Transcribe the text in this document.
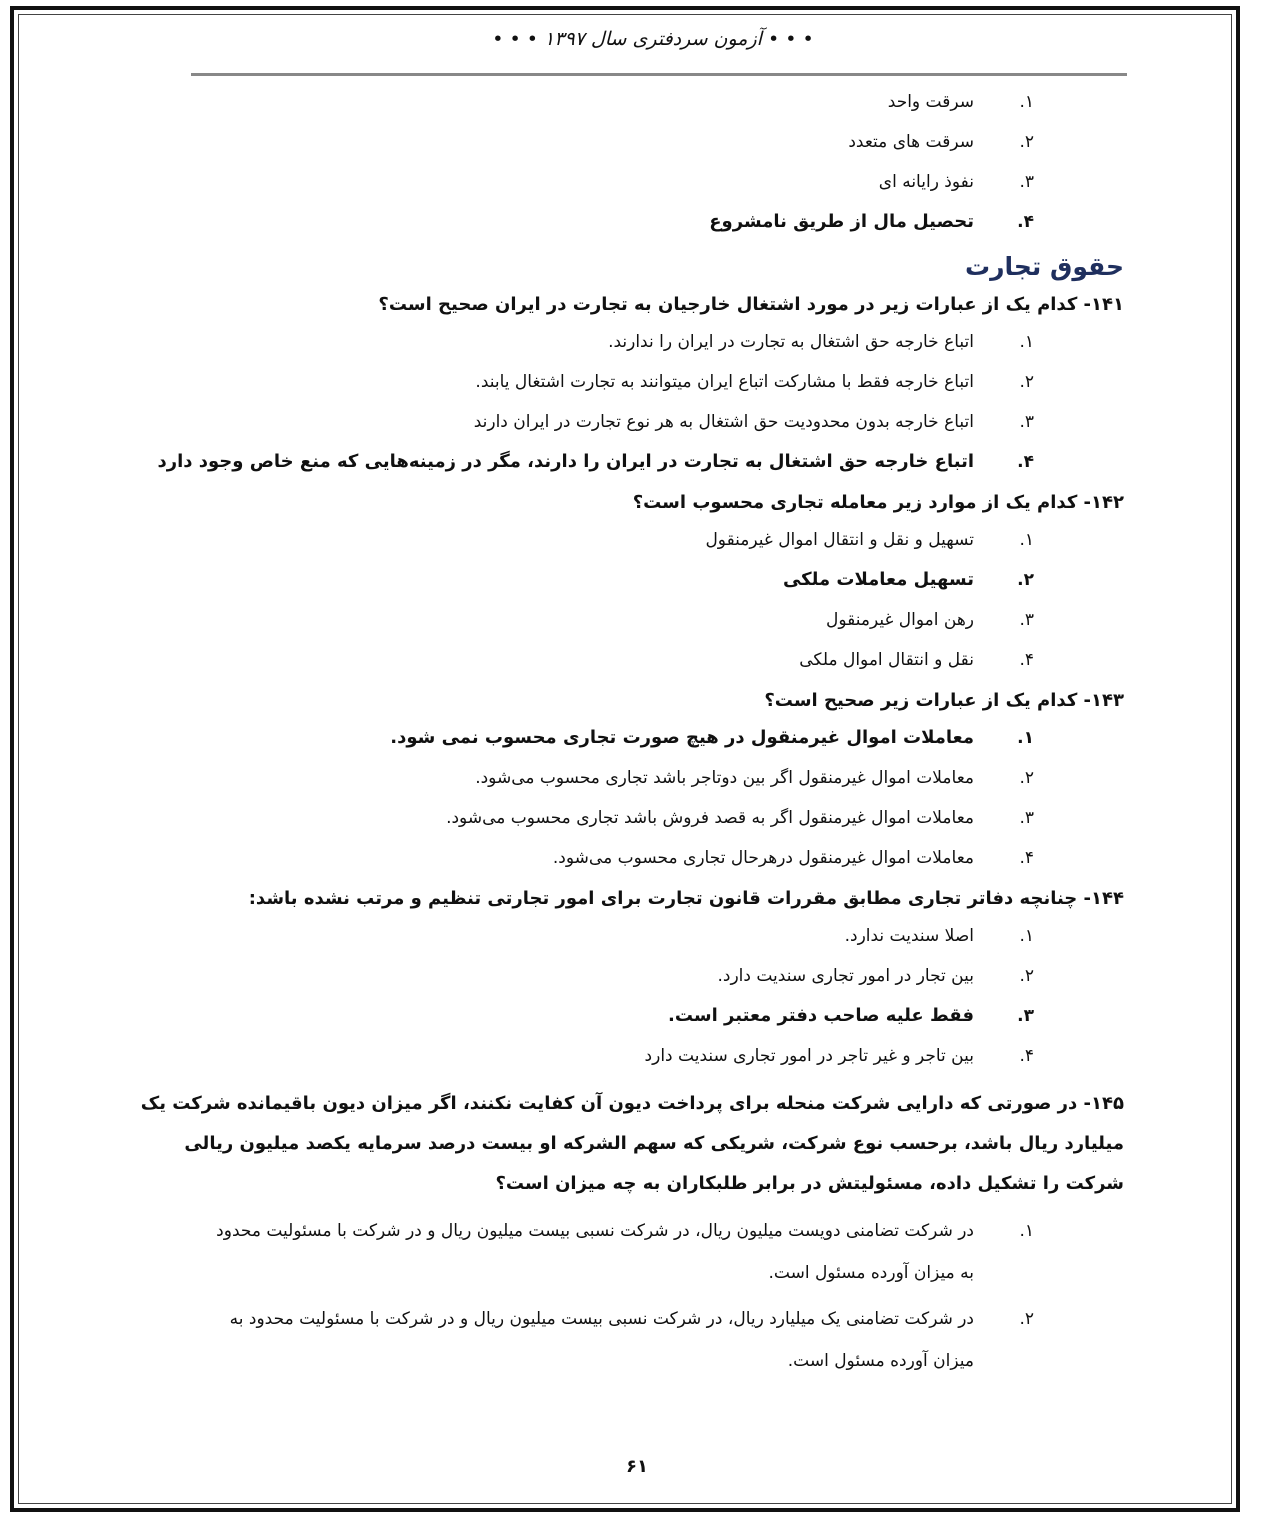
• • • آزمون سردفتری سال ۱۳۹۷ • • •
۱.
سرقت واحد
۲.
سرقت های متعدد
۳.
نفوذ رایانه ای
۴.
تحصیل مال از طریق نامشروع
حقوق تجارت
۱۴۱- کدام یک از عبارات زیر در مورد اشتغال خارجیان به تجارت در ایران صحیح است؟
۱.
اتباع خارجه حق اشتغال به تجارت در ایران را ندارند.
۲.
اتباع خارجه فقط با مشارکت اتباع ایران میتوانند به تجارت اشتغال یابند.
۳.
اتباع خارجه بدون محدودیت حق اشتغال به هر نوع تجارت در ایران دارند
۴.
اتباع خارجه حق اشتغال به تجارت در ایران را دارند، مگر در زمینه‌هایی که منع خاص وجود دارد
۱۴۲- کدام یک از موارد زیر معامله تجاری محسوب است؟
۱.
تسهیل و نقل و انتقال اموال غیرمنقول
۲.
تسهیل معاملات ملکی
۳.
رهن اموال غیرمنقول
۴.
نقل و انتقال اموال ملکی
۱۴۳- کدام یک از عبارات زیر صحیح است؟
۱.
معاملات اموال غیرمنقول در هیچ صورت تجاری محسوب نمی شود.
۲.
معاملات اموال غیرمنقول اگر بین دوتاجر باشد تجاری محسوب می‌شود.
۳.
معاملات اموال غیرمنقول اگر به قصد فروش باشد تجاری محسوب می‌شود.
۴.
معاملات اموال غیرمنقول درهرحال تجاری محسوب می‌شود.
۱۴۴- چنانچه دفاتر تجاری مطابق مقررات قانون تجارت برای امور تجارتی تنظیم و مرتب نشده باشد:
۱.
اصلا سندیت ندارد.
۲.
بین تجار در امور تجاری سندیت دارد.
۳.
فقط علیه صاحب دفتر معتبر است.
۴.
بین تاجر و غیر تاجر در امور تجاری سندیت دارد
۱۴۵- در صورتی که دارایی شرکت منحله برای پرداخت دیون آن کفایت نکنند، اگر میزان دیون باقیمانده شرکت یک میلیارد ریال باشد، برحسب نوع شرکت، شریکی که سهم الشرکه او بیست درصد سرمایه یکصد میلیون ریالی شرکت را تشکیل داده، مسئولیتش در برابر طلبکاران به چه میزان است؟
۱.
در شرکت تضامنی دویست میلیون ریال، در شرکت نسبی بیست میلیون ریال و در شرکت با مسئولیت محدود به میزان آورده مسئول است.
۲.
در شرکت تضامنی یک میلیارد ریال، در شرکت نسبی بیست میلیون ریال و در شرکت با مسئولیت محدود به میزان آورده مسئول است.
۶۱
